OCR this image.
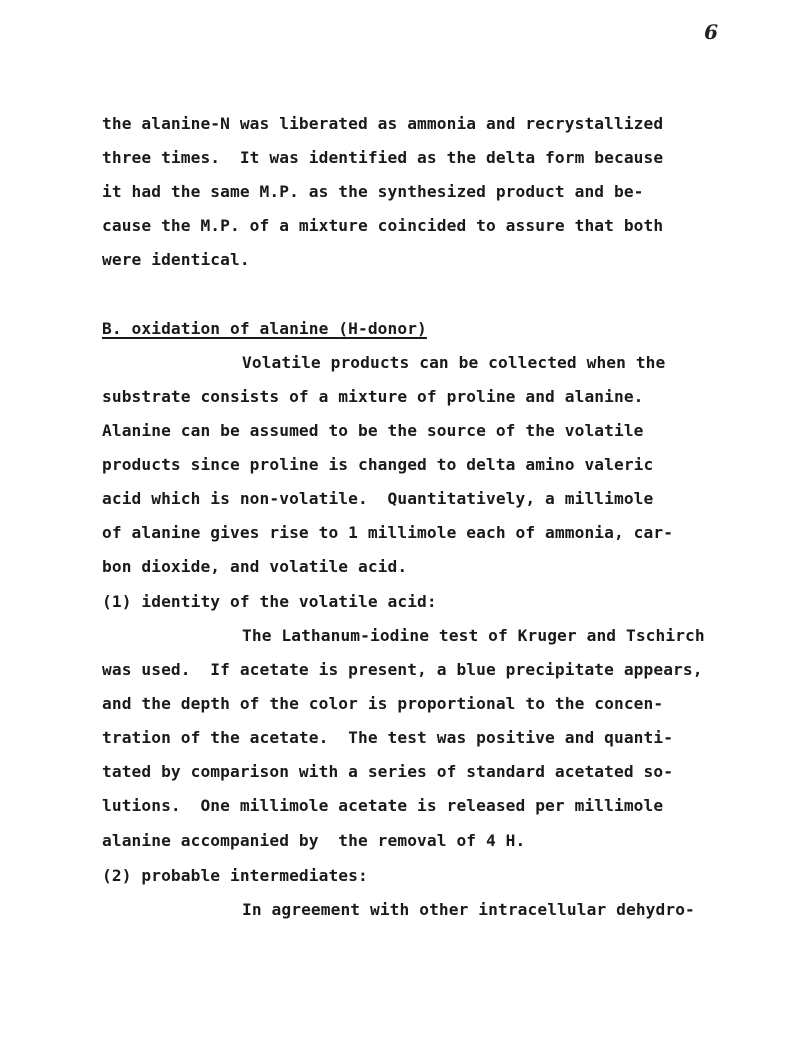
6
the alanine-N was liberated as ammonia and recrystallized
three times.  It was identified as the delta form because
it had the same M.P. as the synthesized product and be-
cause the M.P. of a mixture coincided to assure that both
were identical.
B. oxidation of alanine (H-donor)
Volatile products can be collected when the
substrate consists of a mixture of proline and alanine.
Alanine can be assumed to be the source of the volatile
products since proline is changed to delta amino valeric
acid which is non-volatile.  Quantitatively, a millimole
of alanine gives rise to 1 millimole each of ammonia, car-
bon dioxide, and volatile acid.
(1) identity of the volatile acid:
The Lathanum-iodine test of Kruger and Tschirch
was used.  If acetate is present, a blue precipitate appears,
and the depth of the color is proportional to the concen-
tration of the acetate.  The test was positive and quanti-
tated by comparison with a series of standard acetated so-
lutions.  One millimole acetate is released per millimole
alanine accompanied by  the removal of 4 H.
(2) probable intermediates:
In agreement with other intracellular dehydro-
